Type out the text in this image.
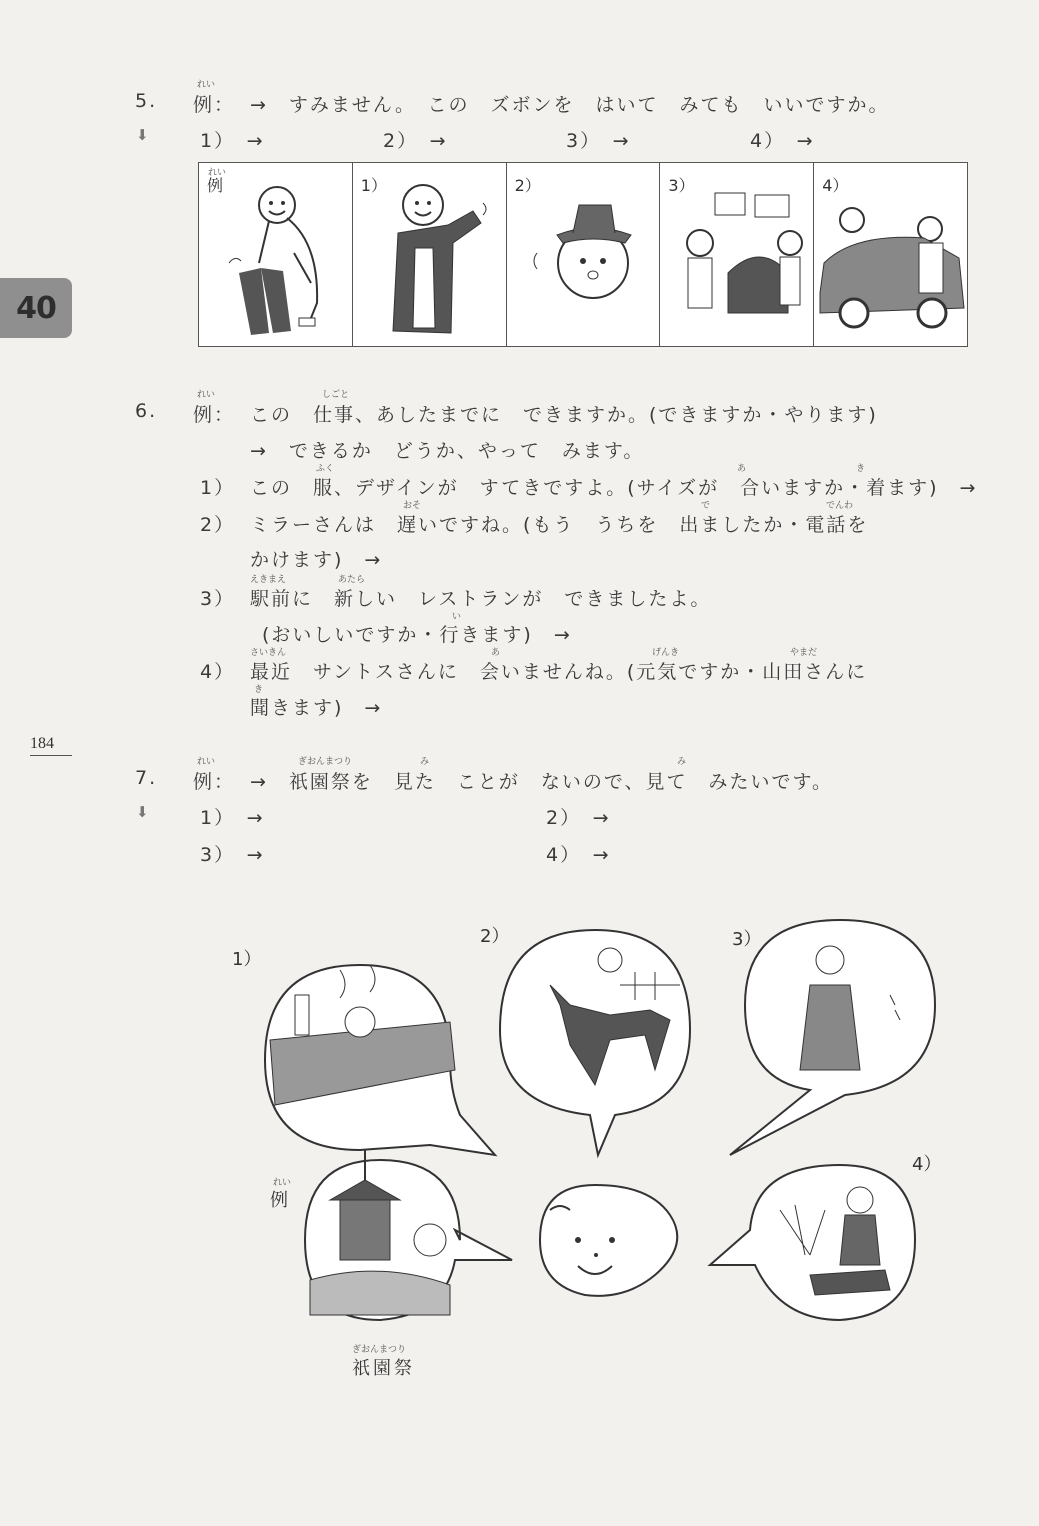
40
184
5.
れい
例： →　すみません。　この　ズボンを　はいて　みても　いいですか。
⬇	1）　→	2）　→	3）　→	4）　→
れい
例	1）	2）	3）	4）
6.
れい
例：
しごと
この　仕事、あしたまでに　できますか。(できますか・やります)
→　できるか　どうか、やって　みます。
1）
ふく	あ	き
この　服、デザインが　すてきですよ。(サイズが　合いますか・着ます)　→
2）
おそ	で	でんわ
ミラーさんは　遅いですね。(もう　うちを　出ましたか・電話を
かけます)　→
3）
えきまえ	あたら
駅前に　新しい　レストランが　できましたよ。
い
(おいしいですか・行きます)　→
4）
さいきん	あ	げんき	やまだ
最近　サントスさんに　会いませんね。(元気ですか・山田さんに
き
聞きます)　→
7.
れい
例：
ぎおんまつり	み	み
→　祇園祭を　見た　ことが　ないので、見て　みたいです。
⬇	1）　→	2）　→
3）　→	4）　→
1）
2）	3）
4）
れい
例
ぎおんまつり
祇園祭
